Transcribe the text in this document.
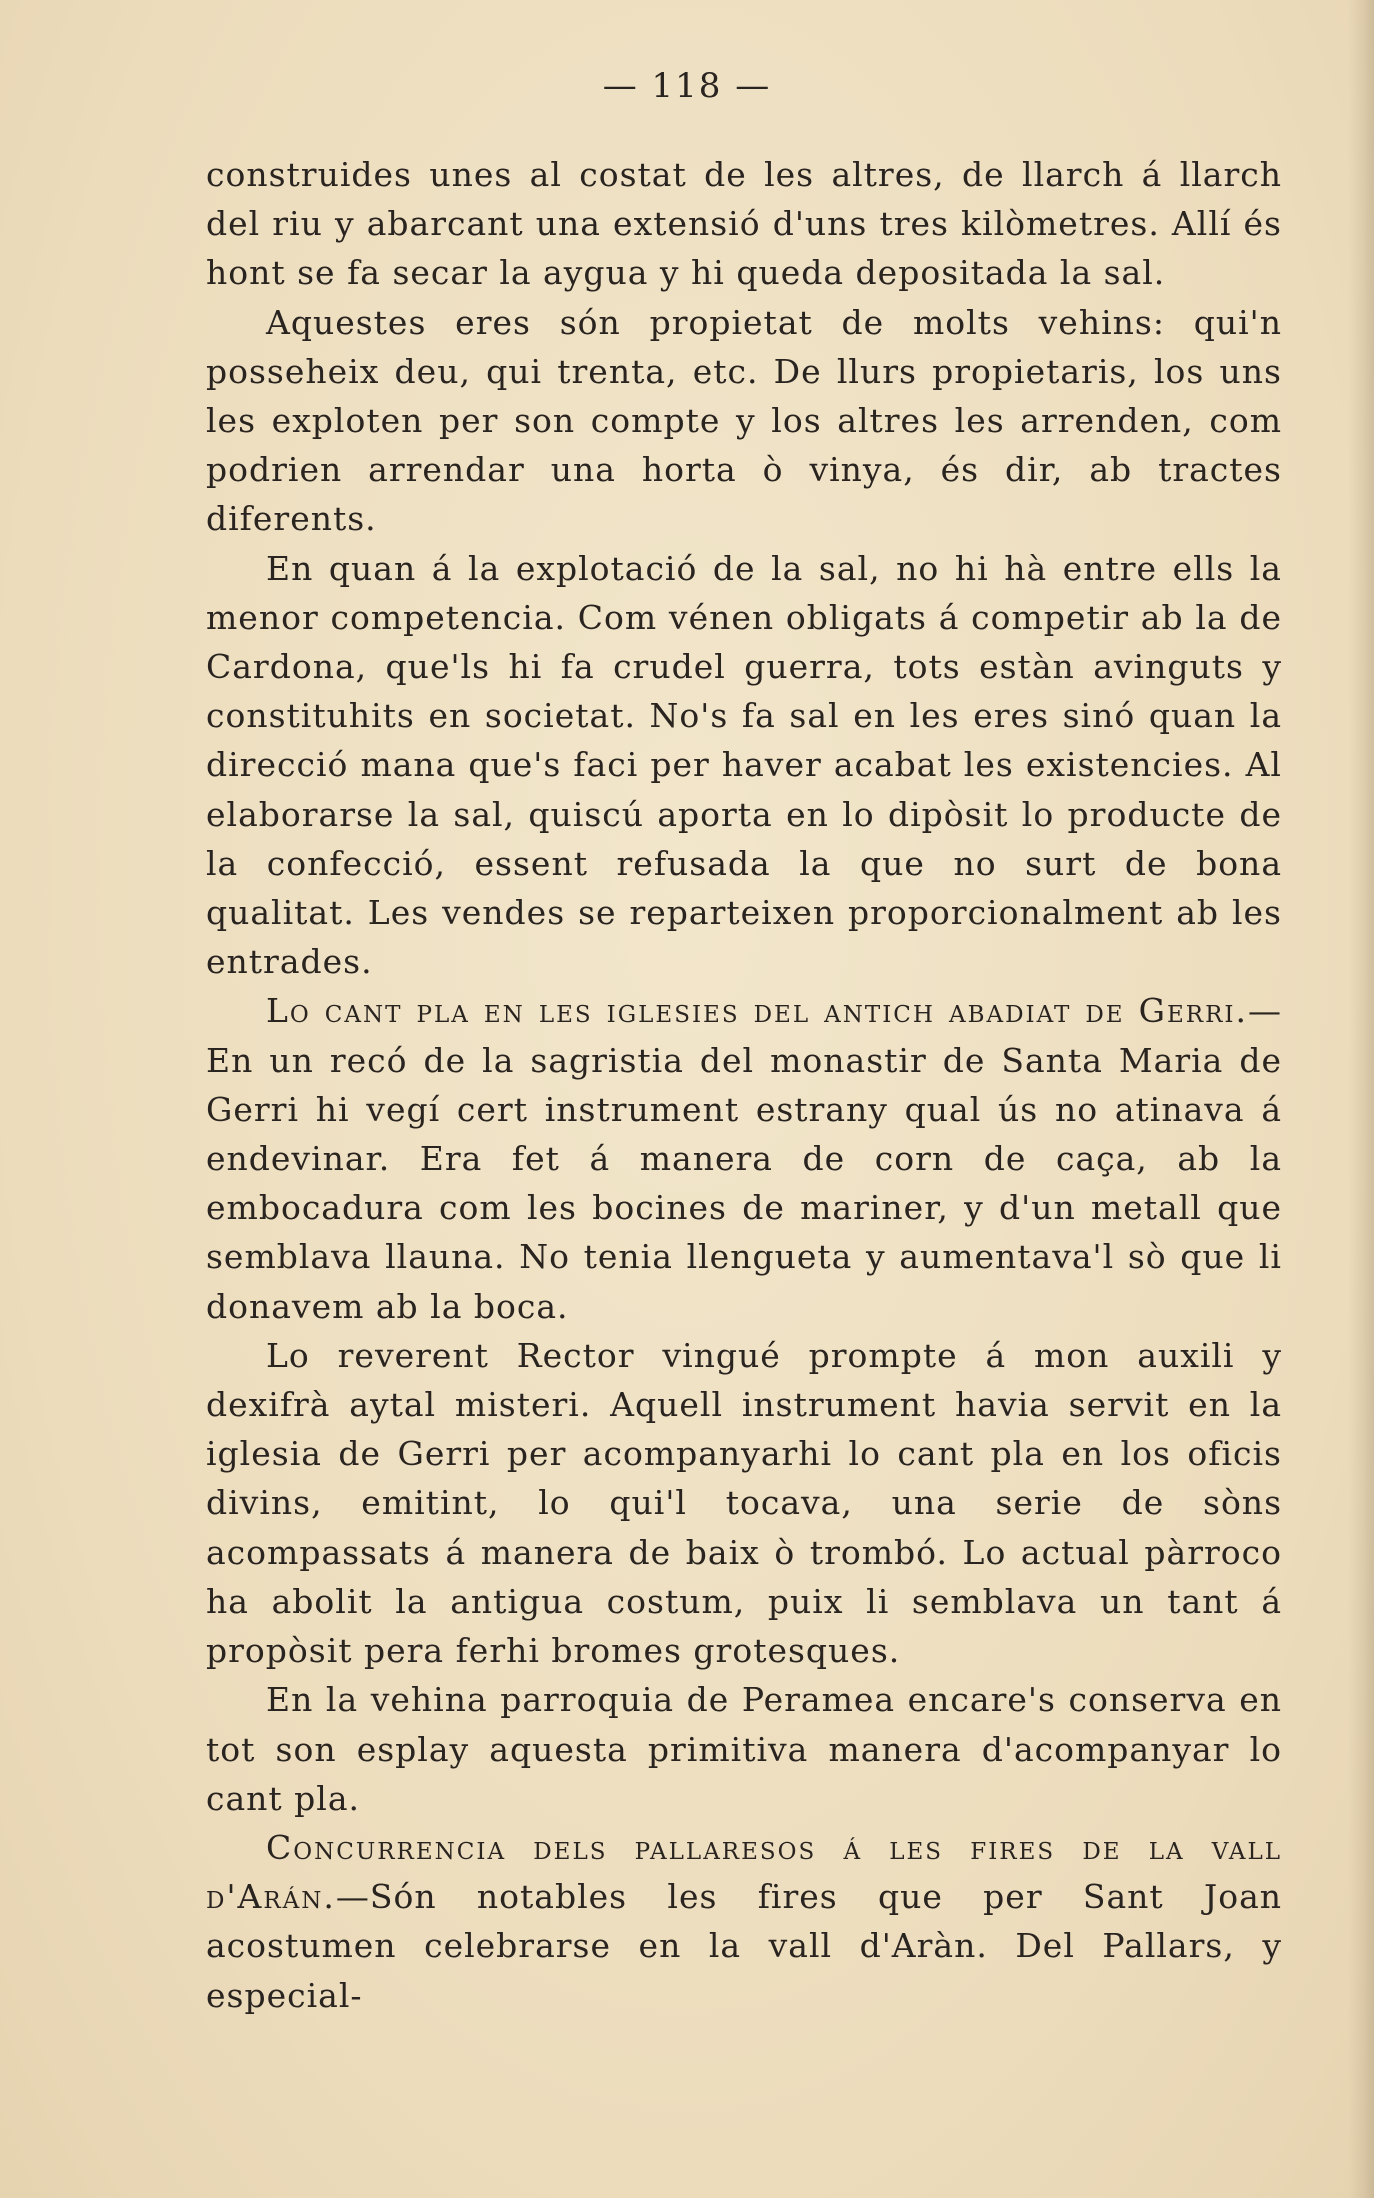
— 118 —

construides unes al costat de les altres, de llarch á llarch del riu y abarcant una extensió d'uns tres kilòmetres. Allí és hont se fa secar la aygua y hi queda depositada la sal.

Aquestes eres són propietat de molts vehins: qui'n posseheix deu, qui trenta, etc. De llurs propietaris, los uns les exploten per son compte y los altres les arrenden, com podrien arrendar una horta ò vinya, és dir, ab tractes diferents.

En quan á la explotació de la sal, no hi hà entre ells la menor competencia. Com vénen obligats á competir ab la de Cardona, que'ls hi fa crudel guerra, tots estàn avinguts y constituhits en societat. No's fa sal en les eres sinó quan la direcció mana que's faci per haver acabat les existencies. Al elaborarse la sal, quiscú aporta en lo dipòsit lo producte de la confecció, essent refusada la que no surt de bona qualitat. Les vendes se reparteixen proporcionalment ab les entrades.

Lo cant pla en les iglesies del antich abadiat de Gerri.—En un recó de la sagristia del monastir de Santa Maria de Gerri hi vegí cert instrument estrany qual ús no atinava á endevinar. Era fet á manera de corn de caça, ab la embocadura com les bocines de mariner, y d'un metall que semblava llauna. No tenia llengueta y aumentava'l sò que li donavem ab la boca.

Lo reverent Rector vingué prompte á mon auxili y dexifrà aytal misteri. Aquell instrument havia servit en la iglesia de Gerri per acompanyarhi lo cant pla en los oficis divins, emitint, lo qui'l tocava, una serie de sòns acompassats á manera de baix ò trombó. Lo actual pàrroco ha abolit la antigua costum, puix li semblava un tant á propòsit pera ferhi bromes grotesques.

En la vehina parroquia de Peramea encare's conserva en tot son esplay aquesta primitiva manera d'acompanyar lo cant pla.

Concurrencia dels pallaresos á les fires de la vall d'Arán.—Són notables les fires que per Sant Joan acostumen celebrarse en la vall d'Aràn. Del Pallars, y especial-
